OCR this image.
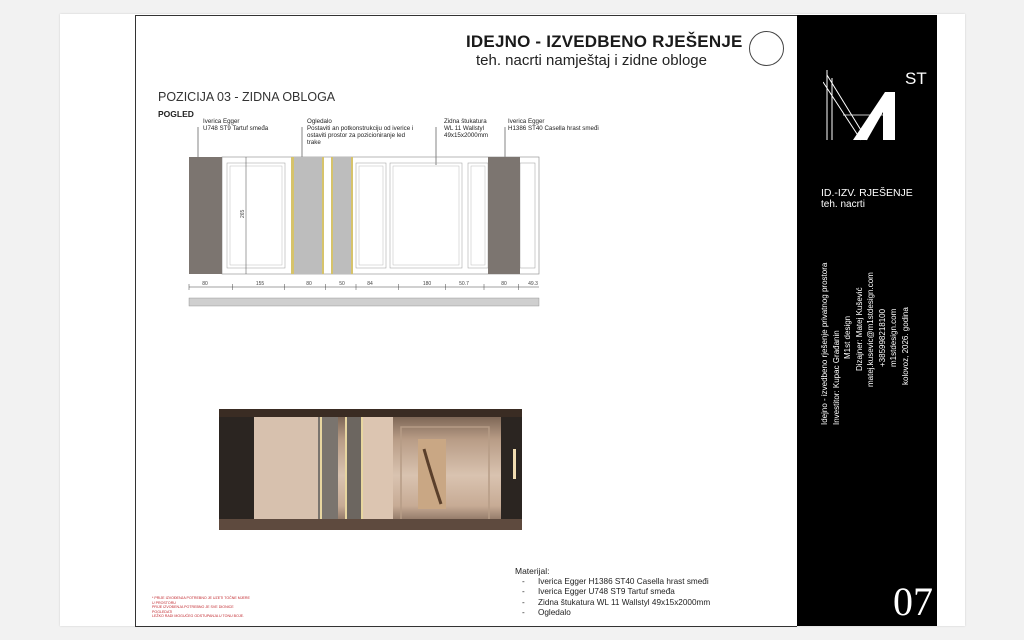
IDEJNO - IZVEDBENO RJEŠENJE
teh. nacrti namještaj i zidne obloge
POZICIJA 03 - ZIDNA OBLOGA
POGLED
Iverica Egger
U748 ST9 Tartuf smeđa
Ogledalo
Postaviti an potkonstrukciju od ivericе i
ostaviti prostor za pozicioniranje led
trake
Zidna štukatura
WL 11 Wallstyl
49x15x2000mm
Iverica Egger
H1386 ST40 Casella hrast smeđi
265
80	155	80	50	84	180	50.7	80	49.3
* PRIJE IZVOĐENJA POTREBNO JE UZETI TOČNE MJERE
U PROSTORU
PRIJE IZVOĐENJA POTREBNO JE SVE DIONICE
POGLEDATI
LEŽKO RADI MOGUĆEG ODSTUPANJA U TONU BOJE.
Materijal:
- Iverica Egger H1386 ST40 Casella hrast smeđi
- Iverica Egger U748 ST9 Tartuf smeđa
- Zidna štukatura WL 11 Wallstyl 49x15x2000mm
- Ogledalo
ST
ID.-IZV. RJEŠENJE
teh. nacrti
Idejno - izvedbeno rješenje privatnog prostora Investitor: Kupac Građanin M1st design Dizajner: Matej Kušević matej.kusevic@m1stdesign.com +385998218100 m1stdesign.com kolovoz, 2026. godina
07
